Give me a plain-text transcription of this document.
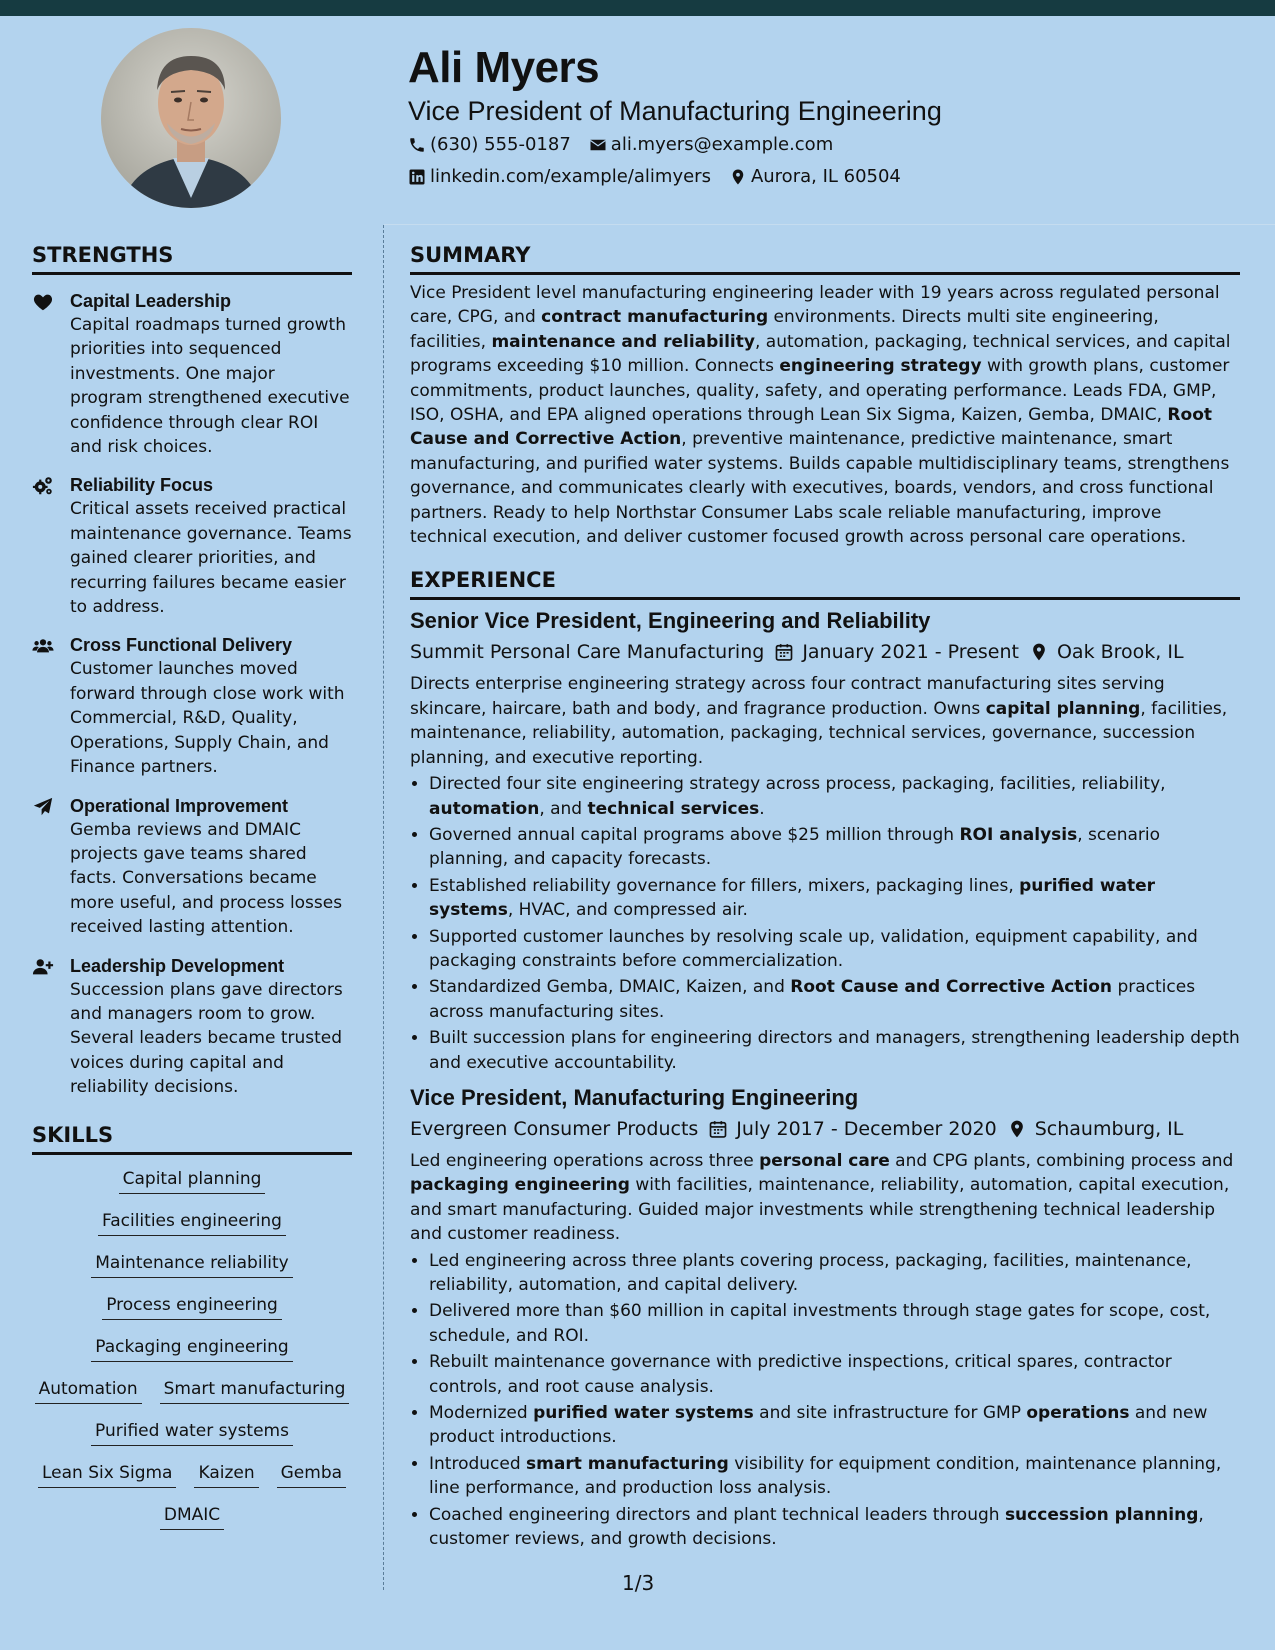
Ali Myers
Vice President of Manufacturing Engineering
(630) 555-0187 ali.myers@example.com
linkedin.com/example/alimyers Aurora, IL 60504
STRENGTHS
Capital Leadership
Capital roadmaps turned growth priorities into sequenced investments. One major program strengthened executive confidence through clear ROI and risk choices.
Reliability Focus
Critical assets received practical maintenance governance. Teams gained clearer priorities, and recurring failures became easier to address.
Cross Functional Delivery
Customer launches moved forward through close work with Commercial, R&D, Quality, Operations, Supply Chain, and Finance partners.
Operational Improvement
Gemba reviews and DMAIC projects gave teams shared facts. Conversations became more useful, and process losses received lasting attention.
Leadership Development
Succession plans gave directors and managers room to grow. Several leaders became trusted voices during capital and reliability decisions.
SKILLS
Capital planning
Facilities engineering
Maintenance reliability
Process engineering
Packaging engineering
Automation Smart manufacturing
Purified water systems
Lean Six Sigma Kaizen Gemba
DMAIC
SUMMARY

Vice President level manufacturing engineering leader with 19 years across regulated personal care, CPG, and contract manufacturing environments. Directs multi site engineering, facilities, maintenance and reliability, automation, packaging, technical services, and capital programs exceeding $10 million. Connects engineering strategy with growth plans, customer commitments, product launches, quality, safety, and operating performance. Leads FDA, GMP, ISO, OSHA, and EPA aligned operations through Lean Six Sigma, Kaizen, Gemba, DMAIC, Root Cause and Corrective Action, preventive maintenance, predictive maintenance, smart manufacturing, and purified water systems. Builds capable multidisciplinary teams, strengthens governance, and communicates clearly with executives, boards, vendors, and cross functional partners. Ready to help Northstar Consumer Labs scale reliable manufacturing, improve technical execution, and deliver customer focused growth across personal care operations.

EXPERIENCE
Senior Vice President, Engineering and Reliability
Summit Personal Care Manufacturing January 2021 - Present Oak Brook, IL

Directs enterprise engineering strategy across four contract manufacturing sites serving skincare, haircare, bath and body, and fragrance production. Owns capital planning, facilities, maintenance, reliability, automation, packaging, technical services, governance, succession planning, and executive reporting.

• Directed four site engineering strategy across process, packaging, facilities, reliability, automation, and technical services.
• Governed annual capital programs above $25 million through ROI analysis, scenario planning, and capacity forecasts.
• Established reliability governance for fillers, mixers, packaging lines, purified water systems, HVAC, and compressed air.
• Supported customer launches by resolving scale up, validation, equipment capability, and packaging constraints before commercialization.
• Standardized Gemba, DMAIC, Kaizen, and Root Cause and Corrective Action practices across manufacturing sites.
• Built succession plans for engineering directors and managers, strengthening leadership depth and executive accountability.
Vice President, Manufacturing Engineering
Evergreen Consumer Products July 2017 - December 2020 Schaumburg, IL

Led engineering operations across three personal care and CPG plants, combining process and packaging engineering with facilities, maintenance, reliability, automation, capital execution, and smart manufacturing. Guided major investments while strengthening technical leadership and customer readiness.

• Led engineering across three plants covering process, packaging, facilities, maintenance, reliability, automation, and capital delivery.
• Delivered more than $60 million in capital investments through stage gates for scope, cost, schedule, and ROI.
• Rebuilt maintenance governance with predictive inspections, critical spares, contractor controls, and root cause analysis.
• Modernized purified water systems and site infrastructure for GMP operations and new product introductions.
• Introduced smart manufacturing visibility for equipment condition, maintenance planning, line performance, and production loss analysis.
• Coached engineering directors and plant technical leaders through succession planning, customer reviews, and growth decisions.
1/3
